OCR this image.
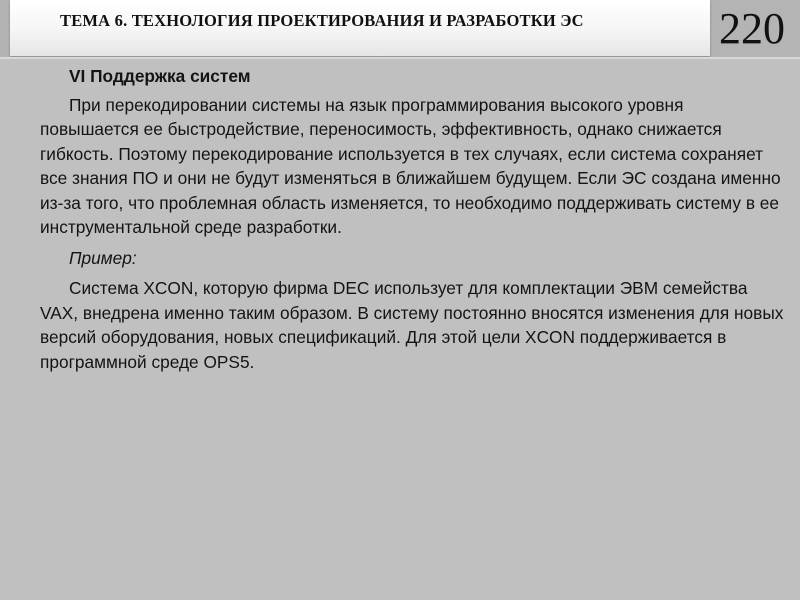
ТЕМА 6. ТЕХНОЛОГИЯ ПРОЕКТИРОВАНИЯ И РАЗРАБОТКИ ЭС	220

VI Поддержка систем

При перекодировании системы на язык программирования высокого уровня повышается ее быстродействие, переносимость, эффективность, однако снижается гибкость. Поэтому перекодирование используется в тех случаях, если система сохраняет все знания ПО и они не будут изменяться в ближайшем будущем. Если ЭС создана именно из-за того, что проблемная область изменяется, то необходимо поддерживать систему в ее инструментальной среде разработки.

Пример:

Система XCON, которую фирма DEC использует для комплектации ЭВМ семейства VAX, внедрена именно таким образом. В систему постоянно вносятся изменения для новых версий оборудования, новых спецификаций. Для этой цели XCON поддерживается в программной среде OPS5.
